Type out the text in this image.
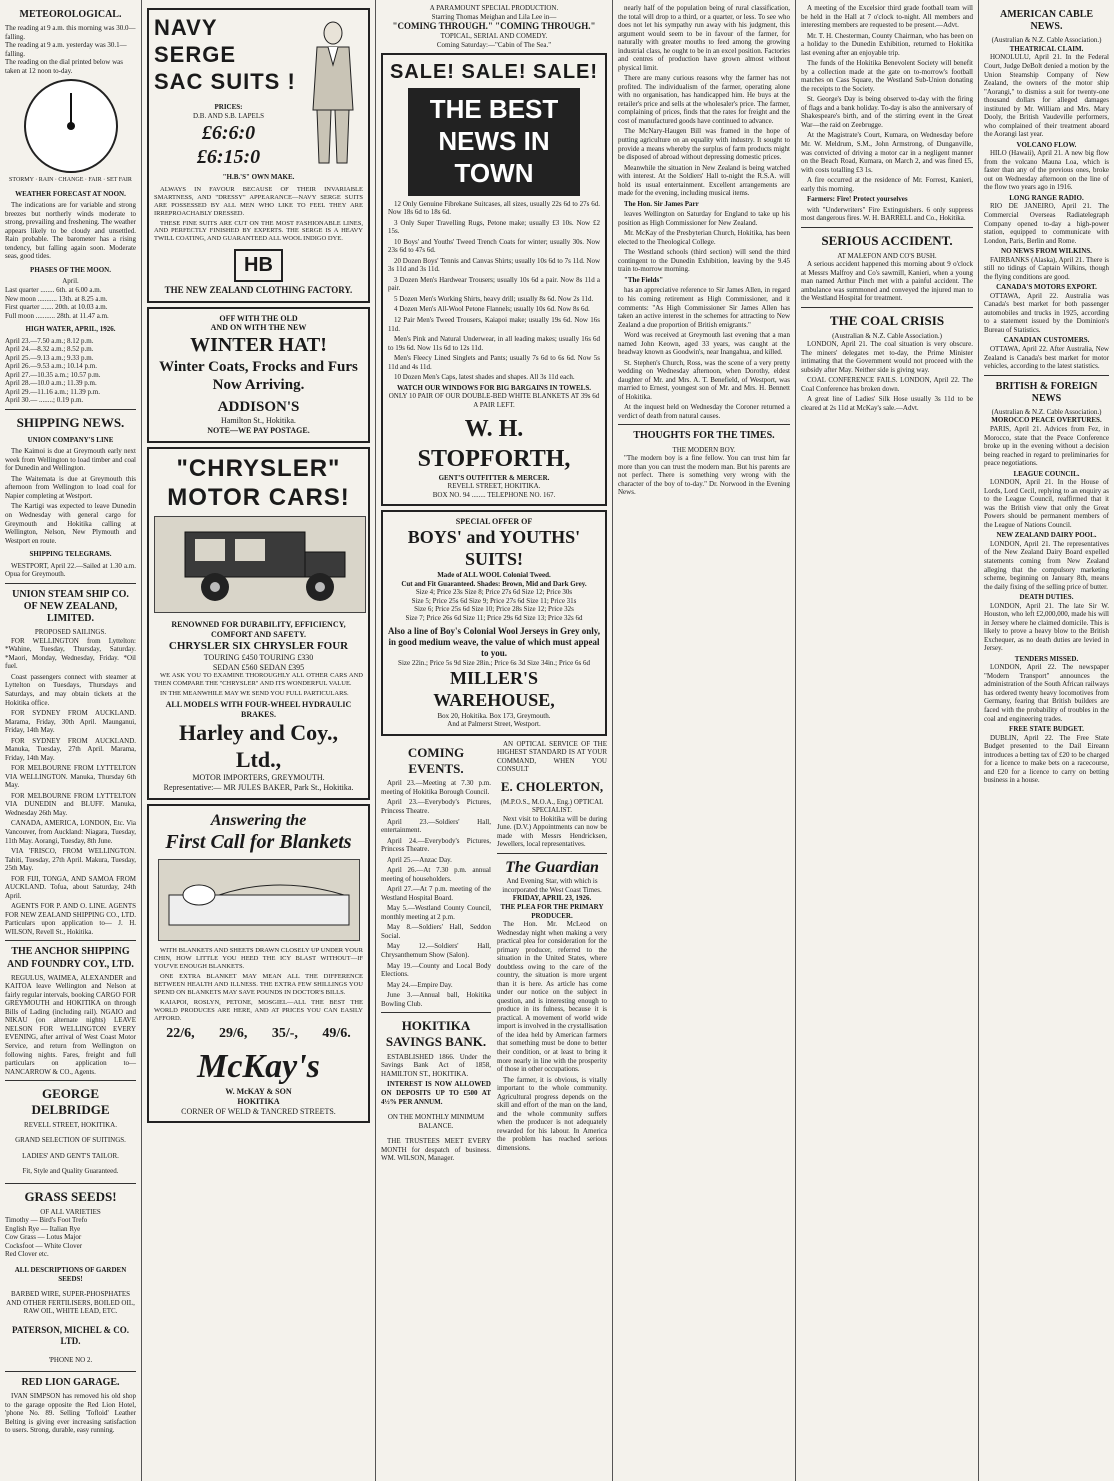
METEOROLOGICAL.

The reading at 9 a.m. this morning was 30.0—falling.

The reading at 9 a.m. yesterday was 30.1—falling.

The reading on the dial printed below was taken at 12 noon to-day.

STORMY · RAIN · CHANGE · FAIR · SET FAIR
WEATHER FORECAST AT NOON.

The indications are for variable and strong breezes but northerly winds moderate to strong, prevailing and freshening. The weather appears likely to be cloudy and unsettled. Rain probable. The barometer has a rising tendency, but falling again soon. Moderate seas, good tides.

PHASES OF THE MOON.
April.

Last quarter ........ 6th. at 6.00 a.m.

New moon ........... 13th. at 8.25 a.m.

First quarter ....... 20th. at 10.03 a.m.

Full moon ........... 28th. at 11.47 a.m.

HIGH WATER, APRIL, 1926.

April 23.—7.50 a.m.; 8.12 p.m.

April 24.—8.32 a.m.; 8.52 p.m.

April 25.—9.13 a.m.; 9.33 p.m.

April 26.—9.53 a.m.; 10.14 p.m.

April 27.—10.35 a.m.; 10.57 p.m.

April 28.—10.0 a.m.; 11.39 p.m.

April 29.—11.16 a.m.; 11.39 p.m.

April 30.— ........; 0.19 p.m.

SHIPPING NEWS.
UNION COMPANY'S LINE

The Kaimoi is due at Greymouth early next week from Wellington to load timber and coal for Dunedin and Wellington.

The Waitemata is due at Greymouth this afternoon from Wellington to load coal for Napier completing at Westport.

The Kartigi was expected to leave Dunedin on Wednesday with general cargo for Greymouth and Hokitika calling at Wellington, Nelson, New Plymouth and Westport en route.

SHIPPING TELEGRAMS.

WESTPORT, April 22.—Sailed at 1.30 a.m. Opua for Greymouth.

UNION STEAM SHIP CO. OF NEW ZEALAND, LIMITED.
PROPOSED SAILINGS.

FOR WELLINGTON from Lyttelton: *Wahine, Tuesday, Thursday, Saturday. *Maori, Monday, Wednesday, Friday. *Oil fuel.

Coast passengers connect with steamer at Lyttelton on Tuesdays, Thursdays and Saturdays, and may obtain tickets at the Hokitika office.

FOR SYDNEY FROM AUCKLAND. Marama, Friday, 30th April. Maunganui, Friday, 14th May.

FOR SYDNEY FROM AUCKLAND. Manuka, Tuesday, 27th April. Marama, Friday, 14th May.

FOR MELBOURNE FROM LYTTELTON VIA WELLINGTON. Manuka, Thursday 6th May.

FOR MELBOURNE FROM LYTTELTON VIA DUNEDIN and BLUFF. Manuka, Wednesday 26th May.

CANADA, AMERICA, LONDON, Etc. Via Vancouver, from Auckland: Niagara, Tuesday, 11th May. Aorangi, Tuesday, 8th June.

VIA 'FRISCO, FROM WELLINGTON. Tahiti, Tuesday, 27th April. Makura, Tuesday, 25th May.

FOR FIJI, TONGA, AND SAMOA FROM AUCKLAND. Tofua, about Saturday, 24th April.

AGENTS FOR P. AND O. LINE. AGENTS FOR NEW ZEALAND SHIPPING CO., LTD. Particulars upon application to— J. H. WILSON, Revell St., Hokitika.

THE ANCHOR SHIPPING AND FOUNDRY COY., LTD.

REGULUS, WAIMEA, ALEXANDER and KAITOA leave Wellington and Nelson at fairly regular intervals, booking CARGO FOR GREYMOUTH and HOKITIKA on through Bills of Lading (including rail). NGAIO and NIKAU (on alternate nights) LEAVE NELSON FOR WELLINGTON EVERY EVENING, after arrival of West Coast Motor Service, and return from Wellington on following nights. Fares, freight and full particulars on application to— NANCARROW & CO., Agents.

GEORGE DELBRIDGE
REVELL STREET, HOKITIKA.

GRAND SELECTION OF SUITINGS.

LADIES' AND GENT'S TAILOR.

Fit, Style and Quality Guaranteed.

GRASS SEEDS!
OF ALL VARIETIES

Timothy — Bird's Foot Trefo

English Rye — Italian Rye

Cow Grass — Lotus Major

Cocksfoot — White Clover

Red Clover etc.

ALL DESCRIPTIONS OF GARDEN SEEDS!

BARBED WIRE, SUPER-PHOSPHATES AND OTHER FERTILISERS, BOILED OIL, RAW OIL, WHITE LEAD, ETC.

PATERSON, MICHEL & CO. LTD.

'PHONE NO 2.

RED LION GARAGE.

IVAN SIMPSON has removed his old shop to the garage opposite the Red Lion Hotel, 'phone No. 89. Selling 'Tofloid' Leather Belting is giving ever increasing satisfaction to users. Strong, durable, easy running.

NAVY SERGE
SAC SUITS !
PRICES:
D.B. AND S.B. LAPELS
£6:6:0
£6:15:0
"H.B.'S" OWN MAKE.

ALWAYS IN FAVOUR BECAUSE OF THEIR INVARIABLE SMARTNESS, AND "DRESSY" APPEARANCE—NAVY SERGE SUITS ARE POSSESSED BY ALL MEN WHO LIKE TO FEEL THEY ARE IRREPROACHABLY DRESSED.

THESE FINE SUITS ARE CUT ON THE MOST FASHIONABLE LINES, AND PERFECTLY FINISHED BY EXPERTS. THE SERGE IS A HEAVY TWILL COATING, AND GUARANTEED ALL WOOL INDIGO DYE.

HB
THE NEW ZEALAND CLOTHING FACTORY.
OFF WITH THE OLD
AND ON WITH THE NEW
WINTER HAT!
Winter Coats, Frocks and Furs Now Arriving.
ADDISON'S
Hamilton St., Hokitika.
NOTE—WE PAY POSTAGE.
"CHRYSLER"
MOTOR CARS!
RENOWNED FOR DURABILITY, EFFICIENCY, COMFORT AND SAFETY.
CHRYSLER SIX CHRYSLER FOUR
TOURING £450 TOURING £330
SEDAN £560 SEDAN £395

WE ASK YOU TO EXAMINE THOROUGHLY ALL OTHER CARS AND THEN COMPARE THE "CHRYSLER" AND ITS WONDERFUL VALUE.

IN THE MEANWHILE MAY WE SEND YOU FULL PARTICULARS.

ALL MODELS WITH FOUR-WHEEL HYDRAULIC BRAKES.
Harley and Coy., Ltd.,
MOTOR IMPORTERS, GREYMOUTH.
Representative:— MR JULES BAKER, Park St., Hokitika.
Answering the
First Call for Blankets

WITH BLANKETS AND SHEETS DRAWN CLOSELY UP UNDER YOUR CHIN, HOW LITTLE YOU HEED THE ICY BLAST WITHOUT—IF YOU'VE ENOUGH BLANKETS.

ONE EXTRA BLANKET MAY MEAN ALL THE DIFFERENCE BETWEEN HEALTH AND ILLNESS. THE EXTRA FEW SHILLINGS YOU SPEND ON BLANKETS MAY SAVE POUNDS IN DOCTOR'S BILLS.

KAIAPOI, ROSLYN, PETONE, MOSGIEL—ALL THE BEST THE WORLD PRODUCES ARE HERE, AND AT PRICES YOU CAN EASILY AFFORD.

22/6, 29/6, 35/-, 49/6.
McKay's
W. McKAY & SON
HOKITIKA
CORNER OF WELD & TANCRED STREETS.
A PARAMOUNT SPECIAL PRODUCTION.
Starring Thomas Meighan and Lila Lee in—
"COMING THROUGH." "COMING THROUGH."
TOPICAL, SERIAL AND COMEDY.
Coming Saturday:—"Cabin of The Sea."
SALE! SALE! SALE!
THE BEST NEWS IN TOWN

12 Only Genuine Fibrekane Suitcases, all sizes, usually 22s 6d to 27s 6d. Now 18s 6d to 18s 6d.

3 Only Super Travelling Rugs, Petone make; usually £3 10s. Now £2 15s.

10 Boys' and Youths' Tweed Trench Coats for winter; usually 30s. Now 23s 6d to 47s 6d.

20 Dozen Boys' Tennis and Canvas Shirts; usually 10s 6d to 7s 11d. Now 3s 11d and 3s 11d.

3 Dozen Men's Hardwear Trousers; usually 10s 6d a pair. Now 8s 11d a pair.

5 Dozen Men's Working Shirts, heavy drill; usually 8s 6d. Now 2s 11d.

4 Dozen Men's All-Wool Petone Flannels; usually 10s 6d. Now 8s 6d.

12 Pair Men's Tweed Trousers, Kaiapoi make; usually 19s 6d. Now 16s 11d.

Men's Pink and Natural Underwear, in all leading makes; usually 16s 6d to 19s 6d. Now 11s 6d to 12s 11d.

Men's Fleecy Lined Singlets and Pants; usually 7s 6d to 6s 6d. Now 5s 11d and 4s 11d.

10 Dozen Men's Caps, latest shades and shapes. All 3s 11d each.

WATCH OUR WINDOWS FOR BIG BARGAINS IN TOWELS.
ONLY 10 PAIR OF OUR DOUBLE-BED WHITE BLANKETS AT 39s 6d A PAIR LEFT.
W. H. STOPFORTH,
GENT'S OUTFITTER & MERCER.
REVELL STREET, HOKITIKA.
BOX NO. 94 ........ TELEPHONE NO. 167.
SPECIAL OFFER OF
BOYS' and YOUTHS' SUITS!
Made of ALL WOOL Colonial Tweed.
Cut and Fit Guaranteed. Shades: Brown, Mid and Dark Grey.

Size 4; Price 23s Size 8; Price 27s 6d Size 12; Price 30s

Size 5; Price 25s 6d Size 9; Price 27s 6d Size 11; Price 31s

Size 6; Price 25s 6d Size 10; Price 28s Size 12; Price 32s

Size 7; Price 26s 6d Size 11; Price 29s 6d Size 13; Price 32s 6d

Also a line of Boy's Colonial Wool Jerseys in Grey only, in good medium weave, the value of which must appeal to you.

Size 22in.; Price 5s 9d Size 28in.; Price 6s 3d Size 34in.; Price 6s 6d

MILLER'S WAREHOUSE,
Box 20, Hokitika. Box 173, Greymouth.
And at Palmerst Street, Westport.
COMING EVENTS.

April 23.—Meeting at 7.30 p.m. meeting of Hokitika Borough Council.

April 23.—Everybody's Pictures, Princess Theatre.

April 23.—Soldiers' Hall, entertainment.

April 24.—Everybody's Pictures, Princess Theatre.

April 25.—Anzac Day.

April 26.—At 7.30 p.m. annual meeting of householders.

April 27.—At 7 p.m. meeting of the Westland Hospital Board.

May 5.—Westland County Council, monthly meeting at 2 p.m.

May 8.—Soldiers' Hall, Seddon Social.

May 12.—Soldiers' Hall, Chrysanthemum Show (Salon).

May 19.—County and Local Body Elections.

May 24.—Empire Day.

June 3.—Annual ball, Hokitika Bowling Club.

HOKITIKA SAVINGS BANK.

ESTABLISHED 1866. Under the Savings Bank Act of 1858, HAMILTON ST., HOKITIKA.

INTEREST IS NOW ALLOWED ON DEPOSITS UP TO £500 AT 4½% PER ANNUM.

ON THE MONTHLY MINIMUM BALANCE.

THE TRUSTEES MEET EVERY MONTH for despatch of business. WM. WILSON, Manager.

AN OPTICAL SERVICE OF THE HIGHEST STANDARD IS AT YOUR COMMAND, WHEN YOU CONSULT

E. CHOLERTON,
(M.P.O.S., M.O.A., Eng.) OPTICAL SPECIALIST.

Next visit to Hokitika will be during June. (D.V.) Appointments can now be made with Messrs Hendricksen, Jewellers, local representatives.

The Guardian
And Evening Star, with which is incorporated the West Coast Times.
FRIDAY, APRIL 23, 1926.
THE PLEA FOR THE PRIMARY PRODUCER.

The Hon. Mr. McLeod on Wednesday night when making a very practical plea for consideration for the primary producer, referred to the situation in the United States, where doubtless owing to the care of the country, the situation is more urgent than it is here. As article has come under our notice on the subject in question, and is interesting enough to produce in its fulness, because it is practical. A movement of world wide import is involved in the crystallisation of the idea held by American farmers that something must be done to better their condition, or at least to bring it more nearly in line with the prosperity of those in other occupations.

The farmer, it is obvious, is vitally important to the whole community. Agricultural progress depends on the skill and effort of the man on the land, and the whole community suffers when the producer is not adequately rewarded for his labour. In America the problem has reached serious dimensions.

nearly half of the population being of rural classification, the total will drop to a third, or a quarter, or less. To see who does not let his sympathy run away with his judgment, this argument would seem to be in favour of the farmer, for naturally with greater mouths to feed among the growing industrial class, he ought to be in an excel position. Factories and centres of production have grown almost without physical limit.

There are many curious reasons why the farmer has not profited. The individualism of the farmer, operating alone with no organisation, has handicapped him. He buys at the retailer's price and sells at the wholesaler's price. The farmer, complaining of prices, finds that the rates for freight and the cost of manufactured goods have continued to advance.

The McNary-Haugen Bill was framed in the hope of putting agriculture on an equality with industry. It sought to provide a means whereby the surplus of farm products might be disposed of abroad without depressing domestic prices.

Meanwhile the situation in New Zealand is being watched with interest. At the Soldiers' Hall to-night the R.S.A. will hold its usual entertainment. Excellent arrangements are made for the evening, including musical items.

The Hon. Sir James Parr

leaves Wellington on Saturday for England to take up his position as High Commissioner for New Zealand.

Mr. McKay of the Presbyterian Church, Hokitika, has been elected to the Theological College.

The Westland schools (third section) will send the third contingent to the Dunedin Exhibition, leaving by the 9.45 train to-morrow morning.

"The Fields"

has an appreciative reference to Sir James Allen, in regard to his coming retirement as High Commissioner, and it comments: "As High Commissioner Sir James Allen has taken an active interest in the schemes for attracting to New Zealand a due proportion of British emigrants."

Word was received at Greymouth last evening that a man named John Keown, aged 33 years, was caught at the headway known as Goodwin's, near Inangahua, and killed.

St. Stephen's Church, Ross, was the scene of a very pretty wedding on Wednesday afternoon, when Dorothy, eldest daughter of Mr. and Mrs. A. T. Benefield, of Westport, was married to Ernest, youngest son of Mr. and Mrs. H. Bennett of Hokitika.

At the inquest held on Wednesday the Coroner returned a verdict of death from natural causes.

THOUGHTS FOR THE TIMES.
THE MODERN BOY.

"The modern boy is a fine fellow. You can trust him far more than you can trust the modern man. But his parents are not perfect. There is something very wrong with the character of the boy of to-day." Dr. Norwood in the Evening News.

A meeting of the Excelsior third grade football team will be held in the Hall at 7 o'clock to-night. All members and interesting members are requested to be present.—Advt.

Mr. T. H. Chesterman, County Chairman, who has been on a holiday to the Dunedin Exhibition, returned to Hokitika last evening after an enjoyable trip.

The funds of the Hokitika Benevolent Society will benefit by a collection made at the gate on to-morrow's football matches on Cass Square, the Westland Sub-Union donating the receipts to the Society.

St. George's Day is being observed to-day with the firing of flags and a bank holiday. To-day is also the anniversary of Shakespeare's birth, and of the stirring event in the Great War—the raid on Zeebrugge.

At the Magistrate's Court, Kumara, on Wednesday before Mr. W. Meldrum, S.M., John Armstrong, of Dunganville, was convicted of driving a motor car in a negligent manner on the Beach Road, Kumara, on March 2, and was fined £5, with costs totalling £3 1s.

A fire occurred at the residence of Mr. Forrest, Kanieri, early this morning.

Farmers: Fire! Protect yourselves

with "Underwriters" Fire Extinguishers. 6 only suppress most dangerous fires. W. H. BARRELL and Co., Hokitika.

SERIOUS ACCIDENT.
AT MALEFON AND CO'S BUSH.

A serious accident happened this morning about 9 o'clock at Messrs Malfroy and Co's sawmill, Kanieri, when a young man named Arthur Pinch met with a painful accident. The ambulance was summoned and conveyed the injured man to the Westland Hospital for treatment.

THE COAL CRISIS
(Australian & N.Z. Cable Association.)

LONDON, April 21. The coal situation is very obscure. The miners' delegates met to-day, the Prime Minister intimating that the Government would not proceed with the subsidy after May. Neither side is giving way.

COAL CONFERENCE FAILS. LONDON, April 22. The Coal Conference has broken down.

A great line of Ladies' Silk Hose usually 3s 11d to be cleared at 2s 11d at McKay's sale.—Advt.

AMERICAN CABLE NEWS.
(Australian & N.Z. Cable Association.)
THEATRICAL CLAIM.

HONOLULU, April 21. In the Federal Court, Judge DeBolt denied a motion by the Union Steamship Company of New Zealand, the owners of the motor ship "Aorangi," to dismiss a suit for twenty-one thousand dollars for alleged damages instituted by Mr. William and Mrs. Mary Dooly, the British Vaudeville performers, who complained of their treatment aboard the Aorangi last year.

VOLCANO FLOW.

HILO (Hawaii), April 21. A new big flow from the volcano Mauna Loa, which is faster than any of the previous ones, broke out on Wednesday afternoon on the line of the flow two years ago in 1916.

LONG RANGE RADIO.

RIO DE JANEIRO, April 21. The Commercial Overseas Radiatelegraph Company opened to-day a high-power station, equipped to communicate with London, Paris, Berlin and Rome.

NO NEWS FROM WILKINS.

FAIRBANKS (Alaska), April 21. There is still no tidings of Captain Wilkins, though the flying conditions are good.

CANADA'S MOTORS EXPORT.

OTTAWA, April 22. Australia was Canada's best market for both passenger automobiles and trucks in 1925, according to a statement issued by the Dominion's Bureau of Statistics.

CANADIAN CUSTOMERS.

OTTAWA, April 22. After Australia, New Zealand is Canada's best market for motor vehicles, according to the latest statistics.

BRITISH & FOREIGN NEWS
(Australian & N.Z. Cable Association.)
MOROCCO PEACE OVERTURES.

PARIS, April 21. Advices from Fez, in Morocco, state that the Peace Conference broke up in the evening without a decision being reached in regard to preliminaries for peace negotiations.

LEAGUE COUNCIL.

LONDON, April 21. In the House of Lords, Lord Cecil, replying to an enquiry as to the League Council, reaffirmed that it was the British view that only the Great Powers should be permanent members of the League of Nations Council.

NEW ZEALAND DAIRY POOL.

LONDON, April 21. The representatives of the New Zealand Dairy Board expelled statements coming from New Zealand alleging that the compulsory marketing scheme, beginning on January 8th, means the daily fixing of the selling price of butter.

DEATH DUTIES.

LONDON, April 21. The late Sir W. Houston, who left £2,000,000, made his will in Jersey where he claimed domicile. This is likely to prove a heavy blow to the British Exchequer, as no death duties are levied in Jersey.

TENDERS MISSED.

LONDON, April 22. The newspaper "Modern Transport" announces the administration of the South African railways has ordered twenty heavy locomotives from Germany, fearing that British builders are faced with the probability of troubles in the coal and engineering trades.

FREE STATE BUDGET.

DUBLIN, April 22. The Free State Budget presented to the Dail Eireann introduces a betting tax of £20 to be charged for a licence to make bets on a racecourse, and £20 for a licence to carry on betting business in a house.
